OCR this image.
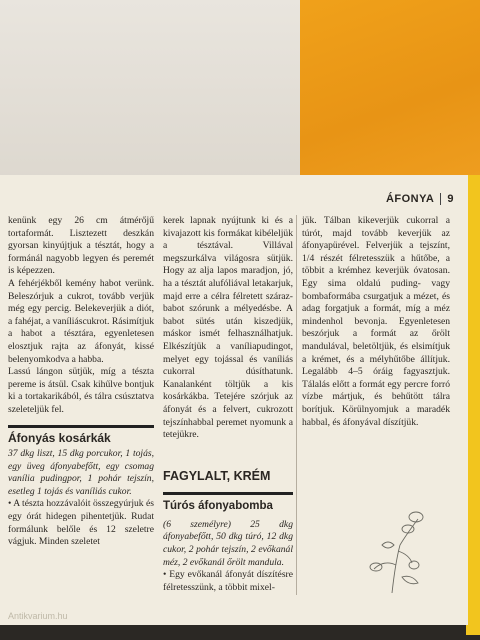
ÁFONYA 9

kenünk egy 26 cm átmérőjű tortaformát. Lisztezett deszkán gyorsan kinyújtjuk a tésztát, hogy a formánál nagyobb legyen és peremét is képezzen.

A fehérjékből kemény habot verünk. Beleszórjuk a cukrot, tovább verjük még egy percig. Belekeverjük a diót, a fahéjat, a vaníliáscukrot. Rásimítjuk a habot a tésztára, egyenletesen elosztjuk rajta az áfonyát, kissé belenyomkodva a habba.

Lassú lángon sütjük, míg a tészta pereme is átsül. Csak kihűlve bontjuk ki a tortakarikából, és tálra csúsztatva szeleteljük fel.

Áfonyás kosárkák

37 dkg liszt, 15 dkg porcukor, 1 tojás, egy üveg áfonyabefőtt, egy csomag vanília pudingpor, 1 pohár tejszín, esetleg 1 tojás és vaníliás cukor.

• A tészta hozzávalóit összegyúrjuk és egy órát hidegen pihentetjük. Rudat formálunk belőle és 12 szeletre vágjuk. Minden szeletet

kerek lapnak nyújtunk ki és a kivajazott kis formákat kibéleljük a tésztával. Villával megszurkálva világosra sütjük. Hogy az alja lapos maradjon, jó, ha a tésztát alufóliával letakarjuk, majd erre a célra félretett szárazbabot szórunk a mélyedésbe. A babot sütés után kiszedjük, máskor ismét felhasználhatjuk. Elkészítjük a vaníliapudingot, melyet egy tojással és vaníliás cukorral dúsíthatunk. Kanalanként töltjük a kis kosárkákba. Tetejére szórjuk az áfonyát és a felvert, cukrozott tejszínhabbal peremet nyomunk a tetejükre.

FAGYLALT, KRÉM
Túrós áfonyabomba

(6 személyre) 25 dkg áfonyabefőtt, 50 dkg túró, 12 dkg cukor, 2 pohár tejszín, 2 evőkanál méz, 2 evőkanál őrölt mandula.

• Egy evőkanál áfonyát díszítésre félretesszünk, a többit mixel-

jük. Tálban kikeverjük cukorral a túrót, majd tovább keverjük az áfonyapürével. Felverjük a tejszínt, 1/4 részét félretesszük a hűtőbe, a többit a krémhez keverjük óvatosan. Egy sima oldalú puding- vagy bombaformába csurgatjuk a mézet, és adag forgatjuk a formát, míg a méz mindenhol bevonja. Egyenletesen beszórjuk a formát az őrölt mandulával, beletöltjük, és elsimítjuk a krémet, és a mélyhűtőbe állítjuk. Legalább 4–5 óráig fagyasztjuk. Tálalás előtt a formát egy percre forró vízbe mártjuk, és behűtött tálra borítjuk. Körülnyomjuk a maradék habbal, és áfonyával díszítjük.

Antikvarium.hu
